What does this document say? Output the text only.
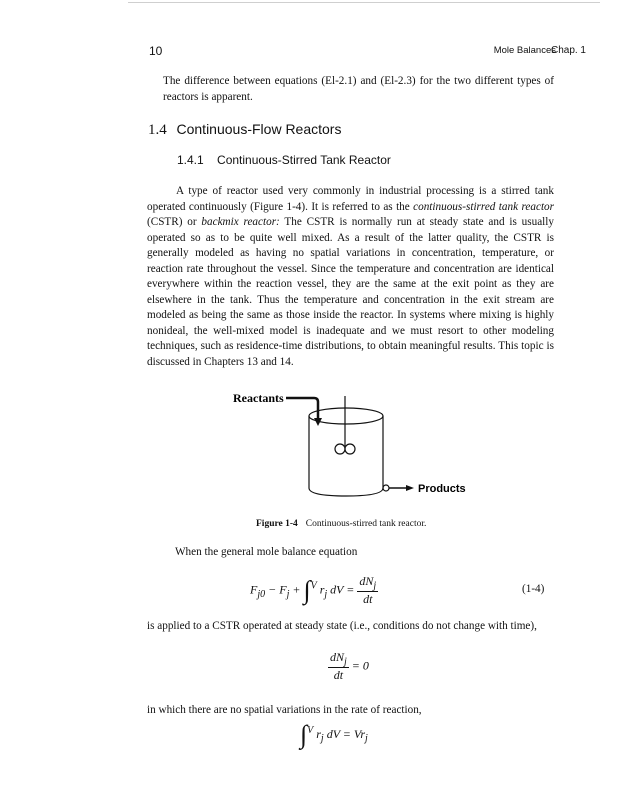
10	Mole Balances
Chap. 1
The difference between equations (El-2.1) and (El-2.3) for the two different types of reactors is apparent.
1.4 Continuous-Flow Reactors
1.4.1 Continuous-Stirred Tank Reactor
A type of reactor used very commonly in industrial processing is a stirred tank operated continuously (Figure 1-4). It is referred to as the continuous-stirred tank reactor (CSTR) or backmix reactor: The CSTR is normally run at steady state and is usually operated so as to be quite well mixed. As a result of the latter quality, the CSTR is generally modeled as having no spatial variations in concentration, temperature, or reaction rate throughout the vessel. Since the temperature and concentration are identical everywhere within the reaction vessel, they are the same at the exit point as they are elsewhere in the tank. Thus the temperature and concentration in the exit stream are modeled as being the same as those inside the reactor. In systems where mixing is highly nonideal, the well-mixed model is inadequate and we must resort to other modeling techniques, such as residence-time distributions, to obtain meaningful results. This topic is discussed in Chapters 13 and 14.
Reactants
Products
Figure 1-4 Continuous-stirred tank reactor.
When the general mole balance equation
$F_{j0} - F_j + \int^V$ $r_j$ dV = $\frac{dN_j}{dt}$	(1-4)
is applied to a CSTR operated at steady state (i.e., conditions do not change with time),
$\frac{dN_j}{dt} = 0$
in which there are no spatial variations in the rate of reaction,
∫$^V$ $r_j$ dV = $Vr_j$
